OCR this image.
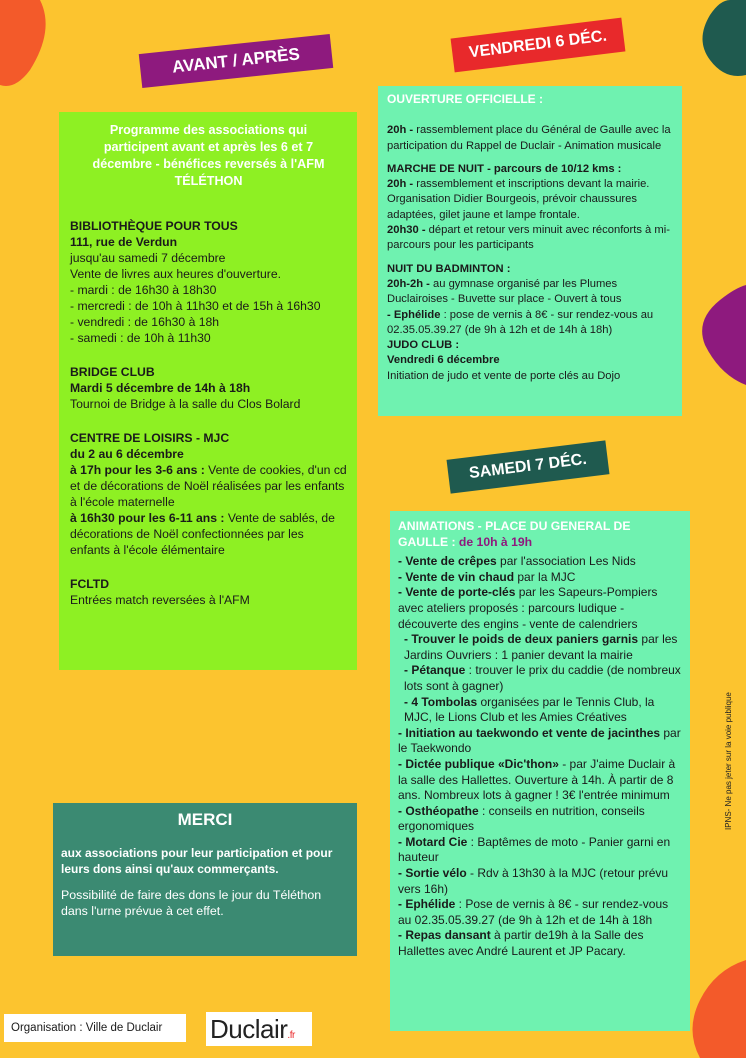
AVANT / APRÈS	VENDREDI 6 DÉC.
SAMEDI 7 DÉC.
Programme des associations qui participent avant et après les 6 et 7 décembre - bénéfices reversés à l'AFM TÉLÉTHON
BIBLIOTHÈQUE POUR TOUS
111, rue de Verdun
jusqu'au samedi 7 décembre
Vente de livres aux heures d'ouverture.
- mardi : de 16h30 à 18h30
- mercredi : de 10h à 11h30 et de 15h à 16h30
- vendredi : de 16h30 à 18h
- samedi : de 10h à 11h30
BRIDGE CLUB
Mardi 5 décembre de 14h à 18h
Tournoi de Bridge à la salle du Clos Bolard
CENTRE DE LOISIRS - MJC
du 2 au 6 décembre
à 17h pour les 3-6 ans : Vente de cookies, d'un cd et de décorations de Noël réalisées par les enfants à l'école maternelle
à 16h30 pour les 6-11 ans : Vente de sablés, de décorations de Noël confectionnées par les enfants à l'école élémentaire
FCLTD
Entrées match reversées à l'AFM
MERCI
aux associations pour leur participation et pour leurs dons ainsi qu'aux commerçants.
Possibilité de faire des dons le jour du Téléthon dans l'urne prévue à cet effet.
OUVERTURE OFFICIELLE :
20h - rassemblement place du Général de Gaulle avec la participation du Rappel de Duclair - Animation musicale
MARCHE DE NUIT - parcours de 10/12 kms :
20h - rassemblement et inscriptions devant la mairie. Organisation Didier Bourgeois, prévoir chaussures adaptées, gilet jaune et lampe frontale.
20h30 - départ et retour vers minuit avec réconforts à mi-parcours pour les participants
NUIT DU BADMINTON :
20h-2h - au gymnase organisé par les Plumes Duclairoises - Buvette sur place - Ouvert à tous
- Ephélide : pose de vernis à 8€ - sur rendez-vous au 02.35.05.39.27 (de 9h à 12h et de 14h à 18h)
JUDO CLUB :
Vendredi 6 décembre
Initiation de judo et vente de porte clés au Dojo
ANIMATIONS - PLACE DU GENERAL DE GAULLE : de 10h à 19h
- Vente de crêpes par l'association Les Nids
- Vente de vin chaud par la MJC
- Vente de porte-clés par les Sapeurs-Pompiers avec ateliers proposés : parcours ludique - découverte des engins - vente de calendriers
- Trouver le poids de deux paniers garnis par les Jardins Ouvriers : 1 panier devant la mairie
- Pétanque : trouver le prix du caddie (de nombreux lots sont à gagner)
- 4 Tombolas organisées par le Tennis Club, la MJC, le Lions Club et les Amies Créatives
- Initiation au taekwondo et vente de jacinthes par le Taekwondo
- Dictée publique «Dic'thon» - par J'aime Duclair à la salle des Hallettes. Ouverture à 14h. À partir de 8 ans. Nombreux lots à gagner ! 3€ l'entrée minimum
- Osthéopathe : conseils en nutrition, conseils ergonomiques
- Motard Cie : Baptêmes de moto - Panier garni en hauteur
- Sortie vélo - Rdv à 13h30 à la MJC (retour prévu vers 16h)
- Ephélide : Pose de vernis à 8€ - sur rendez-vous au 02.35.05.39.27 (de 9h à 12h et de 14h à 18h
- Repas dansant à partir de19h à la Salle des Hallettes avec André Laurent et JP Pacary.
IPNS- Ne pas jeter sur la voie publique
Organisation : Ville de Duclair	Duclair.fr
